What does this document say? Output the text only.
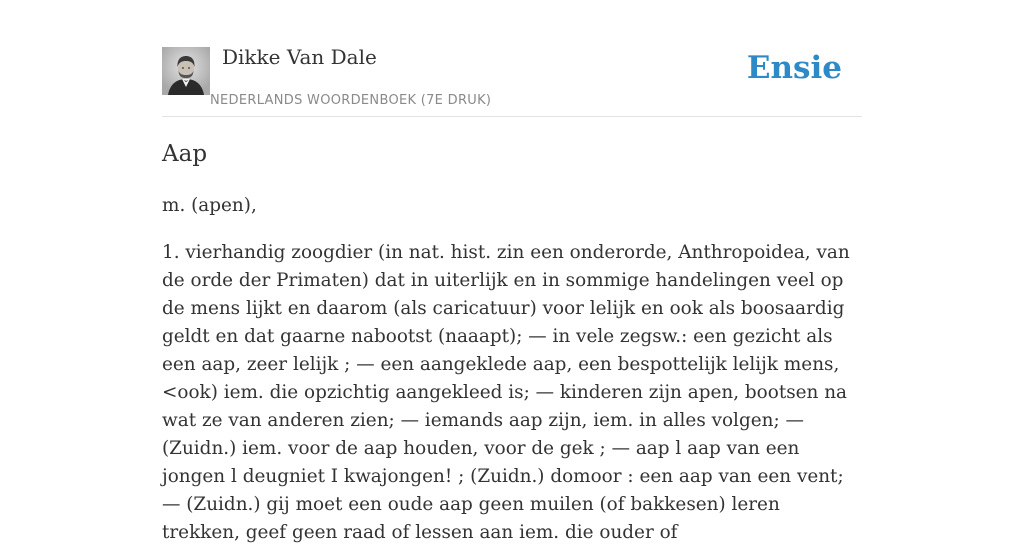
Dikke Van Dale
NEDERLANDS WOORDENBOEK (7E DRUK)
Ensie
Aap

m. (apen),

1. vierhandig zoogdier (in nat. hist. zin een onderorde, Anthropoidea, van de orde der Primaten) dat in uiterlijk en in sommige handelingen veel op de mens lijkt en daarom (als caricatuur) voor lelijk en ook als boosaardig geldt en dat gaarne nabootst (naaapt); — in vele zegsw.: een gezicht als een aap, zeer lelijk ; — een aangeklede aap, een bespottelijk lelijk mens, <ook) iem. die opzichtig aangekleed is; — kinderen zijn apen, bootsen na wat ze van anderen zien; — iemands aap zijn, iem. in alles volgen; — (Zuidn.) iem. voor de aap houden, voor de gek ; — aap l aap van een jongen l deugniet I kwajongen! ; (Zuidn.) domoor : een aap van een vent; — (Zuidn.) gij moet een oude aap geen muilen (of bakkesen) leren trekken, geef geen raad of lessen aan iem. die ouder of
